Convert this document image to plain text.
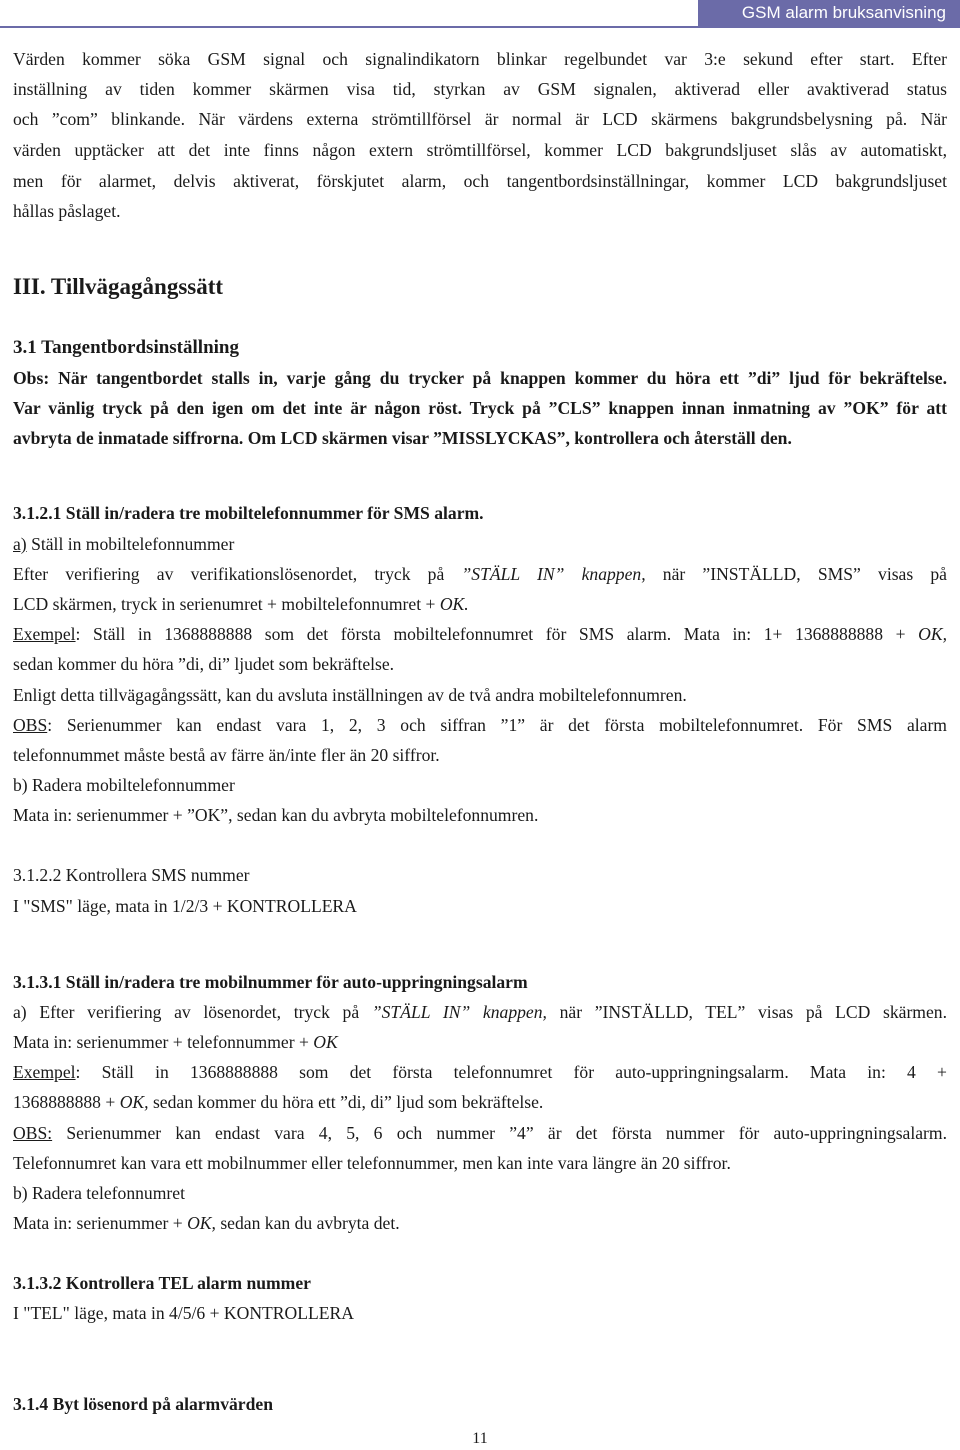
GSM alarm bruksanvisning
Värden kommer söka GSM signal och signalindikatorn blinkar regelbundet var 3:e sekund efter start. Efter
inställning av tiden kommer skärmen visa tid, styrkan av GSM signalen, aktiverad eller avaktiverad status
och ”com” blinkande. När värdens externa strömtillförsel är normal är LCD skärmens bakgrundsbelysning på. När
värden upptäcker att det inte finns någon extern strömtillförsel, kommer LCD bakgrundsljuset slås av automatiskt,
men för alarmet, delvis aktiverat, förskjutet alarm, och tangentbordsinställningar, kommer LCD bakgrundsljuset
hållas påslaget.
III. Tillvägagångssätt
3.1 Tangentbordsinställning
Obs: När tangentbordet stalls in, varje gång du trycker på knappen kommer du höra ett ”di” ljud för bekräftelse.
Var vänlig tryck på den igen om det inte är någon röst. Tryck på ”CLS” knappen innan inmatning av ”OK” för att
avbryta de inmatade siffrorna. Om LCD skärmen visar ”MISSLYCKAS”, kontrollera och återställ den.
3.1.2.1 Ställ in/radera tre mobiltelefonnummer för SMS alarm.
a) Ställ in mobiltelefonnummer
Efter verifiering av verifikationslösenordet, tryck på ”STÄLL IN” knappen, när ”INSTÄLLD, SMS” visas på
LCD skärmen, tryck in serienumret + mobiltelefonnumret + OK.
Exempel: Ställ in 1368888888 som det första mobiltelefonnumret för SMS alarm. Mata in: 1+ 1368888888 + OK,
sedan kommer du höra ”di, di” ljudet som bekräftelse.
Enligt detta tillvägagångssätt, kan du avsluta inställningen av de två andra mobiltelefonnumren.
OBS: Serienummer kan endast vara 1, 2, 3 och siffran ”1” är det första mobiltelefonnumret. För SMS alarm
telefonnummet måste bestå av färre än/inte fler än 20 siffror.
b) Radera mobiltelefonnummer
Mata in: serienummer + ”OK”, sedan kan du avbryta mobiltelefonnumren.
3.1.2.2 Kontrollera SMS nummer
I "SMS" läge, mata in 1/2/3 + KONTROLLERA
3.1.3.1 Ställ in/radera tre mobilnummer för auto-uppringningsalarm
a) Efter verifiering av lösenordet, tryck på ”STÄLL IN” knappen, när ”INSTÄLLD, TEL” visas på LCD skärmen.
Mata in: serienummer + telefonnummer + OK
Exempel: Ställ in 1368888888 som det första telefonnumret för auto-uppringningsalarm. Mata in: 4 +
1368888888 + OK, sedan kommer du höra ett ”di, di” ljud som bekräftelse.
OBS: Serienummer kan endast vara 4, 5, 6 och nummer ”4” är det första nummer för auto-uppringningsalarm.
Telefonnumret kan vara ett mobilnummer eller telefonnummer, men kan inte vara längre än 20 siffror.
b) Radera telefonnumret
Mata in: serienummer + OK, sedan kan du avbryta det.
3.1.3.2 Kontrollera TEL alarm nummer
I "TEL" läge, mata in 4/5/6 + KONTROLLERA
3.1.4 Byt lösenord på alarmvärden
11
